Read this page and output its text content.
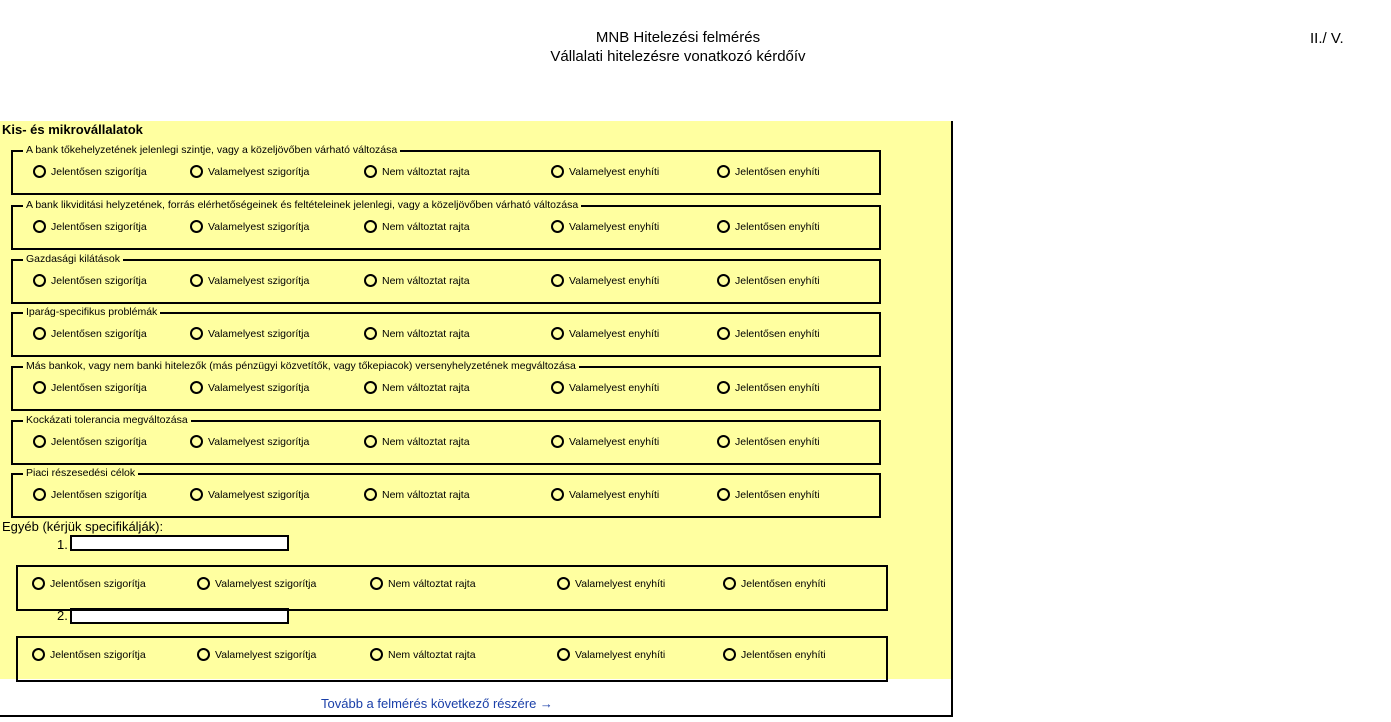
MNB Hitelezési felmérés
Vállalati hitelezésre vonatkozó kérdőív
II./ V.
Kis- és mikrovállalatok
Egyéb (kérjük specifikálják):
1.
2.
Tovább a felmérés következő részére →
A bank tőkehelyzetének jelenlegi szintje, vagy a közeljövőben várható változása
Jelentősen szigorítja	Valamelyest szigorítja	Nem változtat rajta	Valamelyest enyhíti	Jelentősen enyhíti
A bank likviditási helyzetének, forrás elérhetőségeinek és feltételeinek jelenlegi, vagy a közeljövőben várható változása
Jelentősen szigorítja	Valamelyest szigorítja	Nem változtat rajta	Valamelyest enyhíti	Jelentősen enyhíti
Gazdasági kilátások
Jelentősen szigorítja	Valamelyest szigorítja	Nem változtat rajta	Valamelyest enyhíti	Jelentősen enyhíti
Iparág-specifikus problémák
Jelentősen szigorítja	Valamelyest szigorítja	Nem változtat rajta	Valamelyest enyhíti	Jelentősen enyhíti
Más bankok, vagy nem banki hitelezők (más pénzügyi közvetítők, vagy tőkepiacok) versenyhelyzetének megváltozása
Jelentősen szigorítja	Valamelyest szigorítja	Nem változtat rajta	Valamelyest enyhíti	Jelentősen enyhíti
Kockázati tolerancia megváltozása
Jelentősen szigorítja	Valamelyest szigorítja	Nem változtat rajta	Valamelyest enyhíti	Jelentősen enyhíti
Piaci részesedési célok
Jelentősen szigorítja	Valamelyest szigorítja	Nem változtat rajta	Valamelyest enyhíti	Jelentősen enyhíti
Jelentősen szigorítja	Valamelyest szigorítja	Nem változtat rajta	Valamelyest enyhíti	Jelentősen enyhíti
Jelentősen szigorítja	Valamelyest szigorítja	Nem változtat rajta	Valamelyest enyhíti	Jelentősen enyhíti
